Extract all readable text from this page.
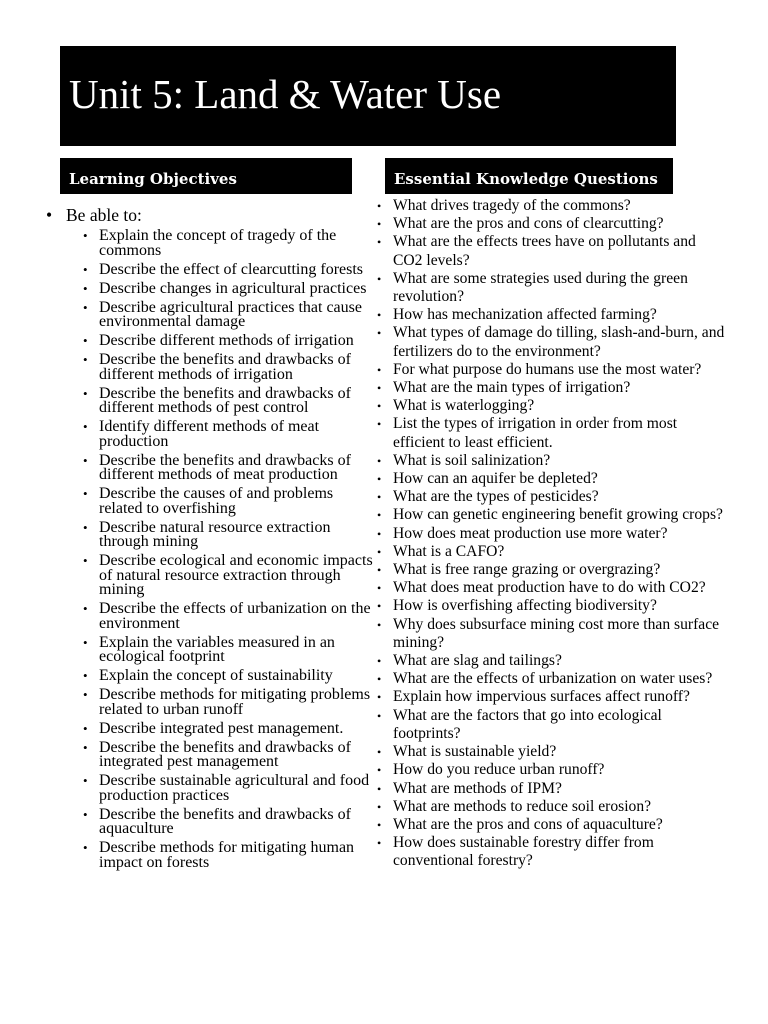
Unit 5: Land & Water Use
Learning Objectives	Essential Knowledge Questions

• Be able to:

• Explain the concept of tragedy of the commons
• Describe the effect of clearcutting forests
• Describe changes in agricultural practices
• Describe agricultural practices that cause environmental damage
• Describe different methods of irrigation
• Describe the benefits and drawbacks of different methods of irrigation
• Describe the benefits and drawbacks of different methods of pest control
• Identify different methods of meat production
• Describe the benefits and drawbacks of different methods of meat production
• Describe the causes of and problems related to overfishing
• Describe natural resource extraction through mining
• Describe ecological and economic impacts of natural resource extraction through mining
• Describe the effects of urbanization on the environment
• Explain the variables measured in an ecological footprint
• Explain the concept of sustainability
• Describe methods for mitigating problems related to urban runoff
• Describe integrated pest management.
• Describe the benefits and drawbacks of integrated pest management
• Describe sustainable agricultural and food production practices
• Describe the benefits and drawbacks of aquaculture
• Describe methods for mitigating human impact on forests
• What drives tragedy of the commons?
• What are the pros and cons of clearcutting?
• What are the effects trees have on pollutants and CO2 levels?
• What are some strategies used during the green revolution?
• How has mechanization affected farming?
• What types of damage do tilling, slash-and-burn, and fertilizers do to the environment?
• For what purpose do humans use the most water?
• What are the main types of irrigation?
• What is waterlogging?
• List the types of irrigation in order from most efficient to least efficient.
• What is soil salinization?
• How can an aquifer be depleted?
• What are the types of pesticides?
• How can genetic engineering benefit growing crops?
• How does meat production use more water?
• What is a CAFO?
• What is free range grazing or overgrazing?
• What does meat production have to do with CO2?
• How is overfishing affecting biodiversity?
• Why does subsurface mining cost more than surface mining?
• What are slag and tailings?
• What are the effects of urbanization on water uses?
• Explain how impervious surfaces affect runoff?
• What are the factors that go into ecological footprints?
• What is sustainable yield?
• How do you reduce urban runoff?
• What are methods of IPM?
• What are methods to reduce soil erosion?
• What are the pros and cons of aquaculture?
• How does sustainable forestry differ from conventional forestry?
